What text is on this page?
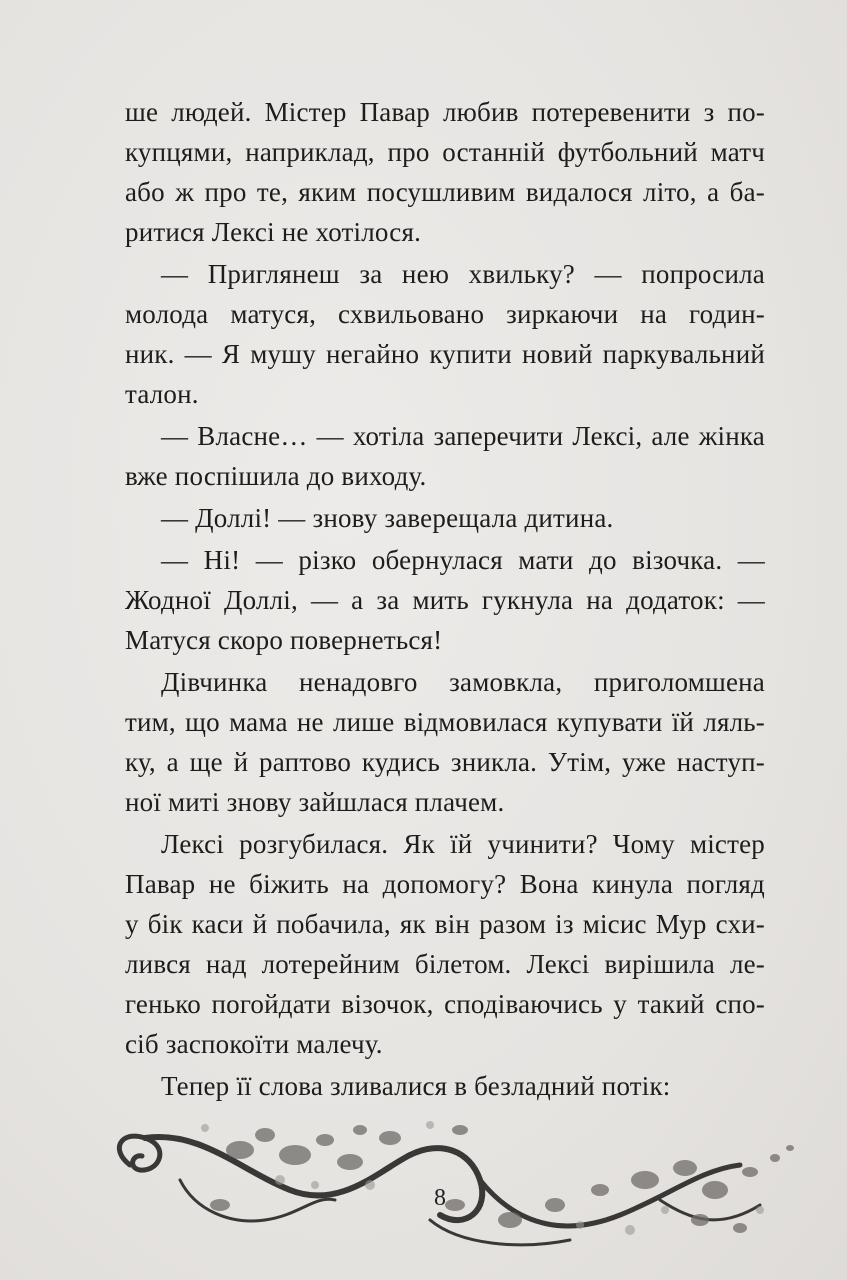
ше людей. Містер Павар любив потеревенити з по-
купцями, наприклад, про останній футбольний матч
або ж про те, яким посушливим видалося літо, а ба-
ритися Лексі не хотілося.
— Приглянеш за нею хвильку? — попросила
молода матуся, схвильовано зиркаючи на годин-
ник. — Я мушу негайно купити новий паркувальний
талон.
— Власне… — хотіла заперечити Лексі, але жінка
вже поспішила до виходу.
— Доллі! — знову заверещала дитина.
— Ні! — різко обернулася мати до візочка. —
Жодної Доллі, — а за мить гукнула на додаток: —
Матуся скоро повернеться!
Дівчинка ненадовго замовкла, приголомшена
тим, що мама не лише відмовилася купувати їй ляль-
ку, а ще й раптово кудись зникла. Утім, уже наступ-
ної миті знову зайшлася плачем.
Лексі розгубилася. Як їй учинити? Чому містер
Павар не біжить на допомогу? Вона кинула погляд
у бік каси й побачила, як він разом із місис Мур схи-
лився над лотерейним білетом. Лексі вирішила ле-
генько погойдати візочок, сподіваючись у такий спо-
сіб заспокоїти малечу.
Тепер її слова зливалися в безладний потік:
8
